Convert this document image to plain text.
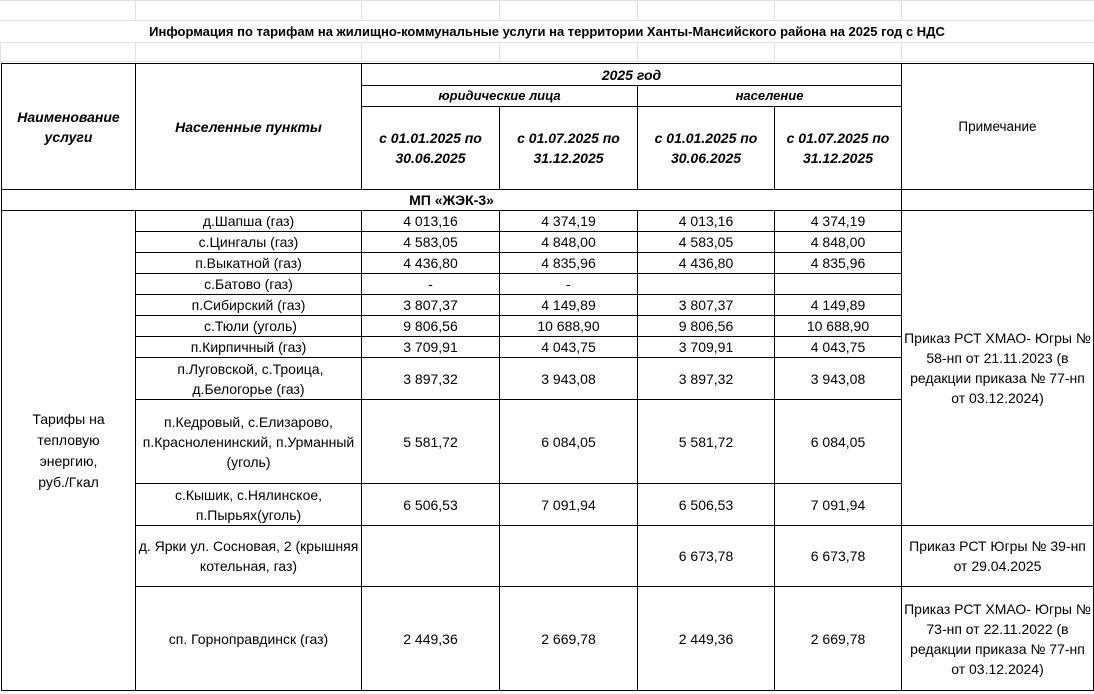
Информация по тарифам на жилищно-коммунальные услуги на территории Ханты-Мансийского района на 2025 год с НДС
Наименование услуги	Населенные пункты	2025 год				Примечание
		юридические лица		население		
		с 01.01.2025 по 30.06.2025	с 01.07.2025 по 31.12.2025	с 01.01.2025 по 30.06.2025	с 01.07.2025 по 31.12.2025	
МП «ЖЭК-3»						
Тарифы на тепловую энергию, руб./Гкал	д.Шапша (газ)	4 013,16	4 374,19	4 013,16	4 374,19	Приказ РСТ ХМАО- Югры № 58-нп от 21.11.2023 (в редакции приказа № 77-нп от 03.12.2024)
	с.Цингалы (газ)	4 583,05	4 848,00	4 583,05	4 848,00	
	п.Выкатной (газ)	4 436,80	4 835,96	4 436,80	4 835,96	
	с.Батово (газ)	-	-			
	п.Сибирский (газ)	3 807,37	4 149,89	3 807,37	4 149,89	
	с.Тюли (уголь)	9 806,56	10 688,90	9 806,56	10 688,90	
	п.Кирпичный (газ)	3 709,91	4 043,75	3 709,91	4 043,75	
	п.Луговской, с.Троица, д.Белогорье (газ)	3 897,32	3 943,08	3 897,32	3 943,08	
	п.Кедровый, с.Елизарово, п.Красноленинский, п.Урманный (уголь)	5 581,72	6 084,05	5 581,72	6 084,05	
	с.Кышик, с.Нялинское, п.Пырьях(уголь)	6 506,53	7 091,94	6 506,53	7 091,94	
	д. Ярки ул. Сосновая, 2 (крышняя котельная, газ)			6 673,78	6 673,78	Приказ РСТ Югры № 39-нп от 29.04.2025
	сп. Горноправдинск (газ)	2 449,36	2 669,78	2 449,36	2 669,78	Приказ РСТ ХМАО- Югры № 73-нп от 22.11.2022 (в редакции приказа № 77-нп от 03.12.2024)
